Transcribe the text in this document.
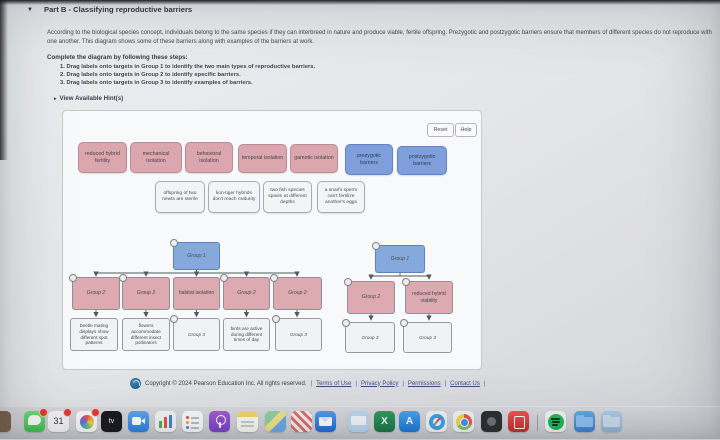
▼ Part B - Classifying reproductive barriers
According to the biological species concept, individuals belong to the same species if they can interbreed in nature and produce viable, fertile offspring. Prezygotic and postzygotic barriers ensure that members of different species do not reproduce with one another. This diagram shows some of these barriers along with examples of the barriers at work.
Complete the diagram by following these steps:
1. Drag labels onto targets in Group 1 to identify the two main types of reproductive barriers.
2. Drag labels onto targets in Group 2 to identify specific barriers.
3. Drag labels onto targets in Group 3 to identify examples of barriers.
▸ View Available Hint(s)
Reset	Help
reduced hybrid fertility
mechanical isolation
behavioral isolation	temporal isolation	gametic isolation	prezygotic barriers
postzygotic barriers
offspring of two newts are sterile
lion-tiger hybrids don't reach maturity
two fish species spawn at different depths
a snail's sperm can't fertilize another's eggs
Group 1
Group 2	Group 2	habitat isolation	Group 2	Group 2
beetle mating displays show different spot patterns
flowers accommodate different insect pollinators
Group 3
birds are active during different times of day
Group 3
Group 1
Group 2
reduced hybrid viability
Group 3	Group 3
Copyright © 2024 Pearson Education Inc. All rights reserved. | Terms of Use | Privacy Policy | Permissions | Contact Us |

31	tv	X A
